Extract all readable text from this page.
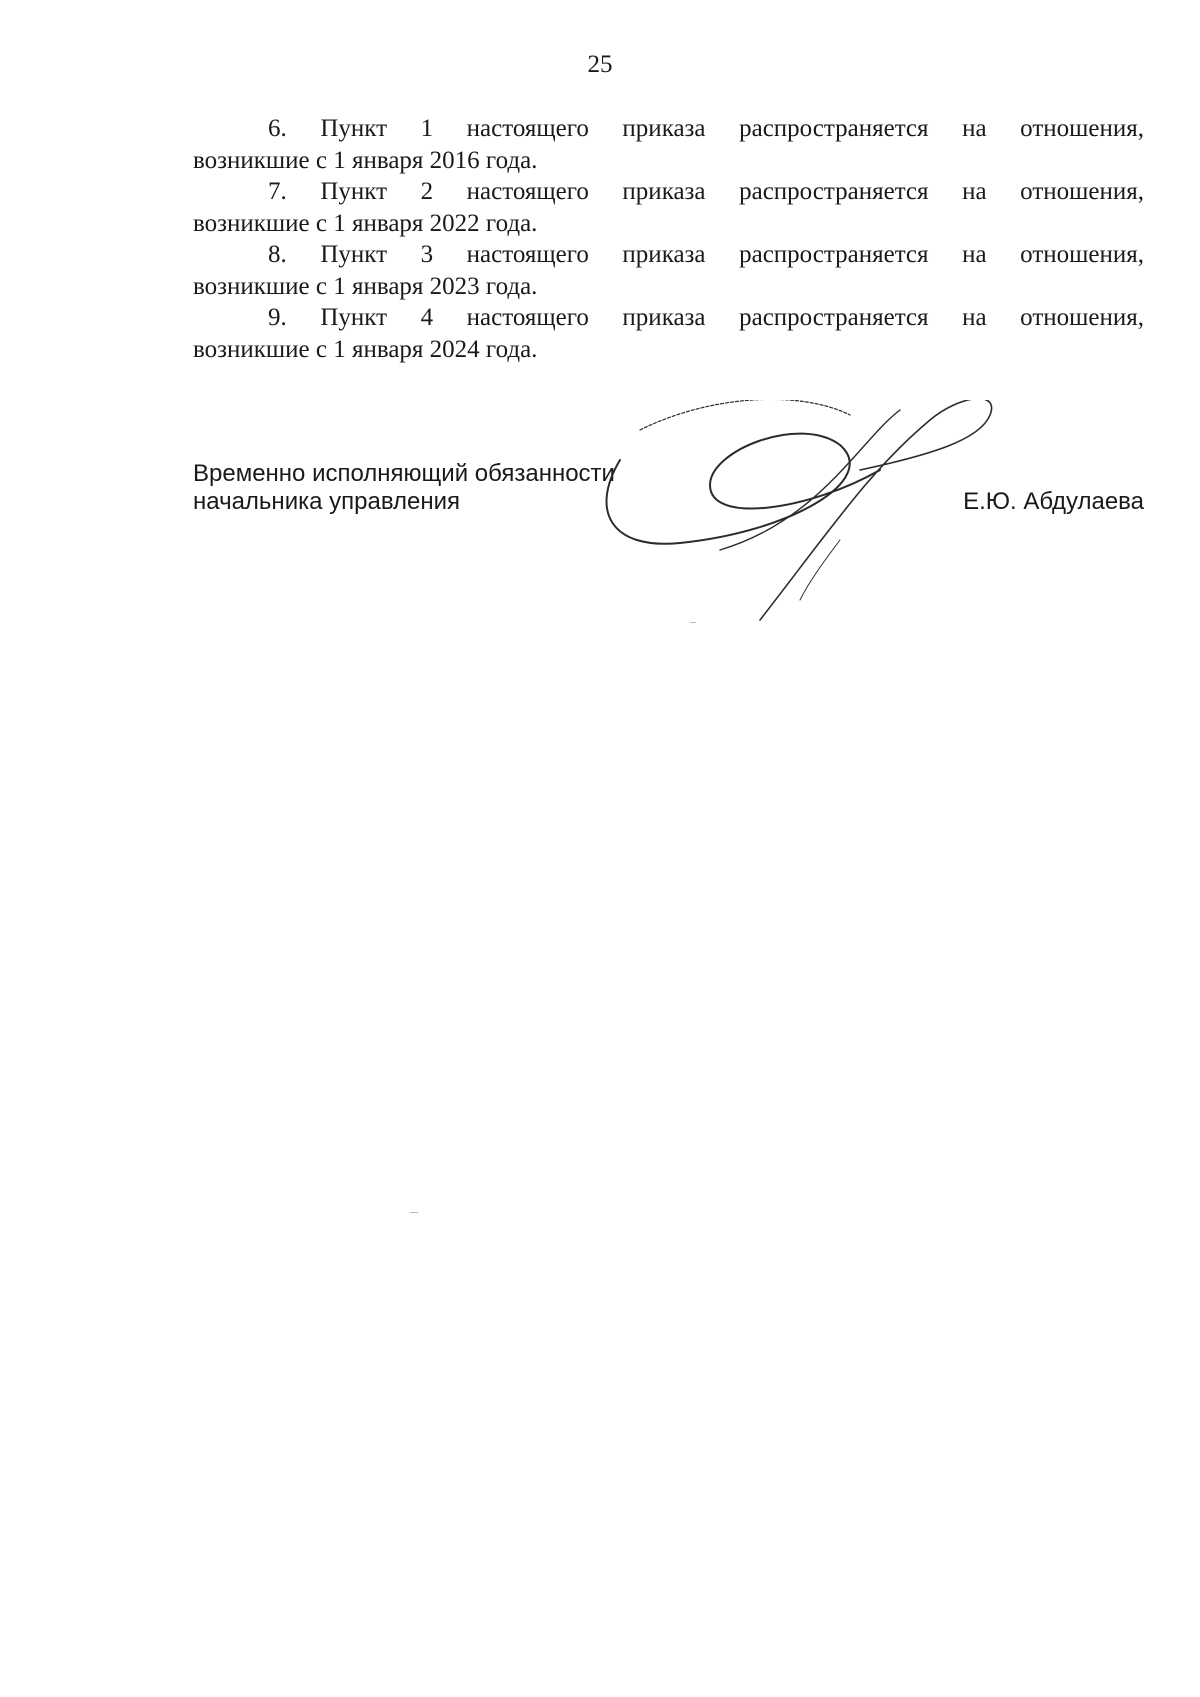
25

6. Пункт 1 настоящего приказа распространяется на отношения,
возникшие с 1 января 2016 года.

7. Пункт 2 настоящего приказа распространяется на отношения,
возникшие с 1 января 2022 года.

8. Пункт 3 настоящего приказа распространяется на отношения,
возникшие с 1 января 2023 года.

9. Пункт 4 настоящего приказа распространяется на отношения,
возникшие с 1 января 2024 года.

Временно исполняющий обязанности
начальника управления	Е.Ю. Абдулаева
